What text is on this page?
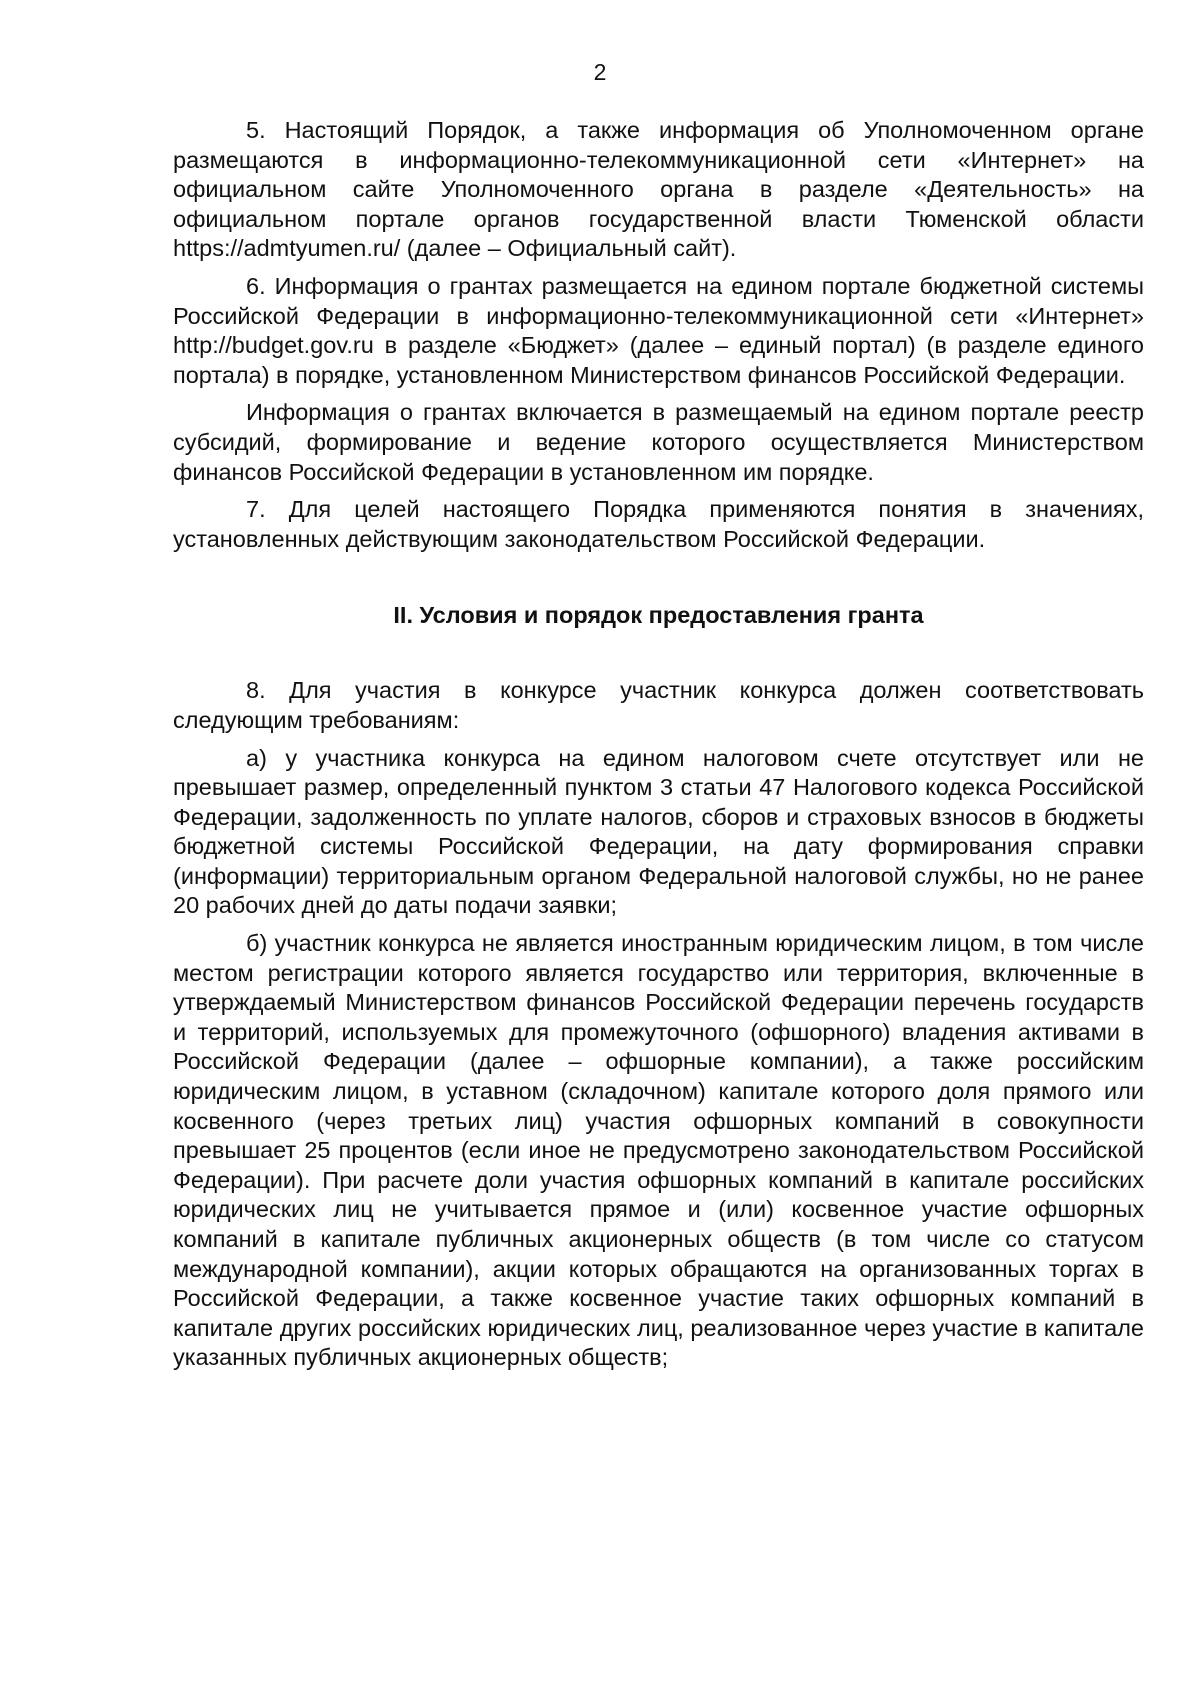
2

5. Настоящий Порядок, а также информация об Уполномоченном органе размещаются в информационно-телекоммуникационной сети «Интернет» на официальном сайте Уполномоченного органа в разделе «Деятельность» на официальном портале органов государственной власти Тюменской области https://admtyumen.ru/ (далее – Официальный сайт).

6. Информация о грантах размещается на едином портале бюджетной системы Российской Федерации в информационно-телекоммуникационной сети «Интернет» http://budget.gov.ru в разделе «Бюджет» (далее – единый портал) (в разделе единого портала) в порядке, установленном Министерством финансов Российской Федерации.

Информация о грантах включается в размещаемый на едином портале реестр субсидий, формирование и ведение которого осуществляется Министерством финансов Российской Федерации в установленном им порядке.

7. Для целей настоящего Порядка применяются понятия в значениях, установленных действующим законодательством Российской Федерации.

II. Условия и порядок предоставления гранта

8. Для участия в конкурсе участник конкурса должен соответствовать следующим требованиям:

а) у участника конкурса на едином налоговом счете отсутствует или не превышает размер, определенный пунктом 3 статьи 47 Налогового кодекса Российской Федерации, задолженность по уплате налогов, сборов и страховых взносов в бюджеты бюджетной системы Российской Федерации, на дату формирования справки (информации) территориальным органом Федеральной налоговой службы, но не ранее 20 рабочих дней до даты подачи заявки;

б) участник конкурса не является иностранным юридическим лицом, в том числе местом регистрации которого является государство или территория, включенные в утверждаемый Министерством финансов Российской Федерации перечень государств и территорий, используемых для промежуточного (офшорного) владения активами в Российской Федерации (далее – офшорные компании), а также российским юридическим лицом, в уставном (складочном) капитале которого доля прямого или косвенного (через третьих лиц) участия офшорных компаний в совокупности превышает 25 процентов (если иное не предусмотрено законодательством Российской Федерации). При расчете доли участия офшорных компаний в капитале российских юридических лиц не учитывается прямое и (или) косвенное участие офшорных компаний в капитале публичных акционерных обществ (в том числе со статусом международной компании), акции которых обращаются на организованных торгах в Российской Федерации, а также косвенное участие таких офшорных компаний в капитале других российских юридических лиц, реализованное через участие в капитале указанных публичных акционерных обществ;
